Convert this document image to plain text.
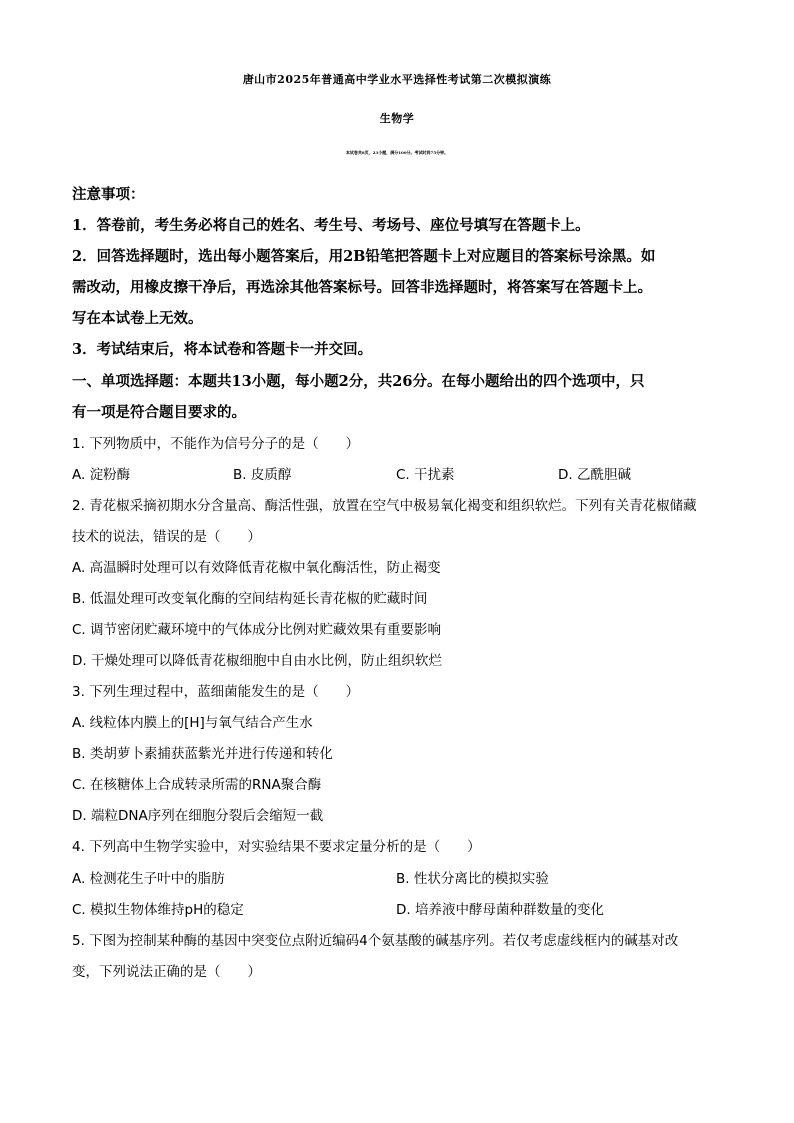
唐山市2025年普通高中学业水平选择性考试第二次模拟演练
生物学
本试卷共8页，23小题，满分100分。考试时间75分钟。
注意事项：
1．答卷前，考生务必将自己的姓名、考生号、考场号、座位号填写在答题卡上。
2．回答选择题时，选出每小题答案后，用2B铅笔把答题卡上对应题目的答案标号涂黑。如
需改动，用橡皮擦干净后，再选涂其他答案标号。回答非选择题时，将答案写在答题卡上。
写在本试卷上无效。
3．考试结束后，将本试卷和答题卡一并交回。
一、单项选择题：本题共13小题，每小题2分，共26分。在每小题给出的四个选项中，只
有一项是符合题目要求的。
1. 下列物质中，不能作为信号分子的是（　　）
A. 淀粉酶	B. 皮质醇	C. 干扰素	D. 乙酰胆碱
2. 青花椒采摘初期水分含量高、酶活性强，放置在空气中极易氧化褐变和组织软烂。下列有关青花椒储藏
技术的说法，错误的是（　　）
A. 高温瞬时处理可以有效降低青花椒中氧化酶活性，防止褐变
B. 低温处理可改变氧化酶的空间结构延长青花椒的贮藏时间
C. 调节密闭贮藏环境中的气体成分比例对贮藏效果有重要影响
D. 干燥处理可以降低青花椒细胞中自由水比例，防止组织软烂
3. 下列生理过程中，蓝细菌能发生的是（　　）
A. 线粒体内膜上的[H]与氧气结合产生水
B. 类胡萝卜素捕获蓝紫光并进行传递和转化
C. 在核糖体上合成转录所需的RNA聚合酶
D. 端粒DNA序列在细胞分裂后会缩短一截
4. 下列高中生物学实验中，对实验结果不要求定量分析的是（　　）
A. 检测花生子叶中的脂肪	B. 性状分离比的模拟实验
C. 模拟生物体维持pH的稳定	D. 培养液中酵母菌种群数量的变化
5. 下图为控制某种酶的基因中突变位点附近编码4个氨基酸的碱基序列。若仅考虑虚线框内的碱基对改
变，下列说法正确的是（　　）
